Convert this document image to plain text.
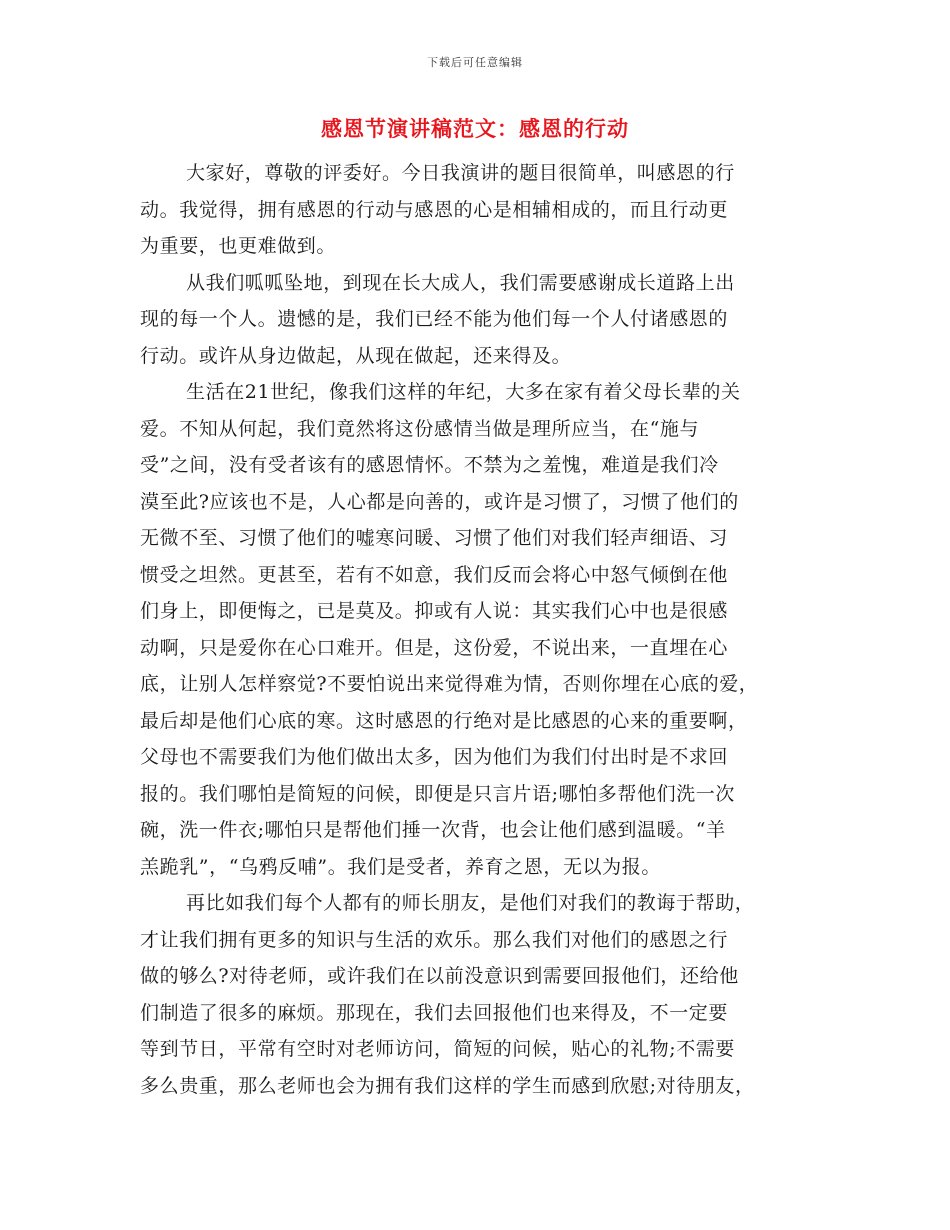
下载后可任意编辑
感恩节演讲稿范文：感恩的行动
大家好，尊敬的评委好。今日我演讲的题目很简单，叫感恩的行
动。我觉得，拥有感恩的行动与感恩的心是相辅相成的，而且行动更
为重要，也更难做到。
从我们呱呱坠地，到现在长大成人，我们需要感谢成长道路上出
现的每一个人。遗憾的是，我们已经不能为他们每一个人付诸感恩的
行动。或许从身边做起，从现在做起，还来得及。
生活在21世纪，像我们这样的年纪，大多在家有着父母长辈的关
爱。不知从何起，我们竟然将这份感情当做是理所应当，在“施与
受”之间，没有受者该有的感恩情怀。不禁为之羞愧，难道是我们冷
漠至此?应该也不是，人心都是向善的，或许是习惯了，习惯了他们的
无微不至、习惯了他们的嘘寒问暖、习惯了他们对我们轻声细语、习
惯受之坦然。更甚至，若有不如意，我们反而会将心中怒气倾倒在他
们身上，即便悔之，已是莫及。抑或有人说：其实我们心中也是很感
动啊，只是爱你在心口难开。但是，这份爱，不说出来，一直埋在心
底，让别人怎样察觉?不要怕说出来觉得难为情，否则你埋在心底的爱，
最后却是他们心底的寒。这时感恩的行绝对是比感恩的心来的重要啊，
父母也不需要我们为他们做出太多，因为他们为我们付出时是不求回
报的。我们哪怕是简短的问候，即便是只言片语;哪怕多帮他们洗一次
碗，洗一件衣;哪怕只是帮他们捶一次背，也会让他们感到温暖。“羊
羔跪乳”，“乌鸦反哺”。我们是受者，养育之恩，无以为报。
再比如我们每个人都有的师长朋友，是他们对我们的教诲于帮助，
才让我们拥有更多的知识与生活的欢乐。那么我们对他们的感恩之行
做的够么?对待老师，或许我们在以前没意识到需要回报他们，还给他
们制造了很多的麻烦。那现在，我们去回报他们也来得及，不一定要
等到节日，平常有空时对老师访问，简短的问候，贴心的礼物;不需要
多么贵重，那么老师也会为拥有我们这样的学生而感到欣慰;对待朋友，
